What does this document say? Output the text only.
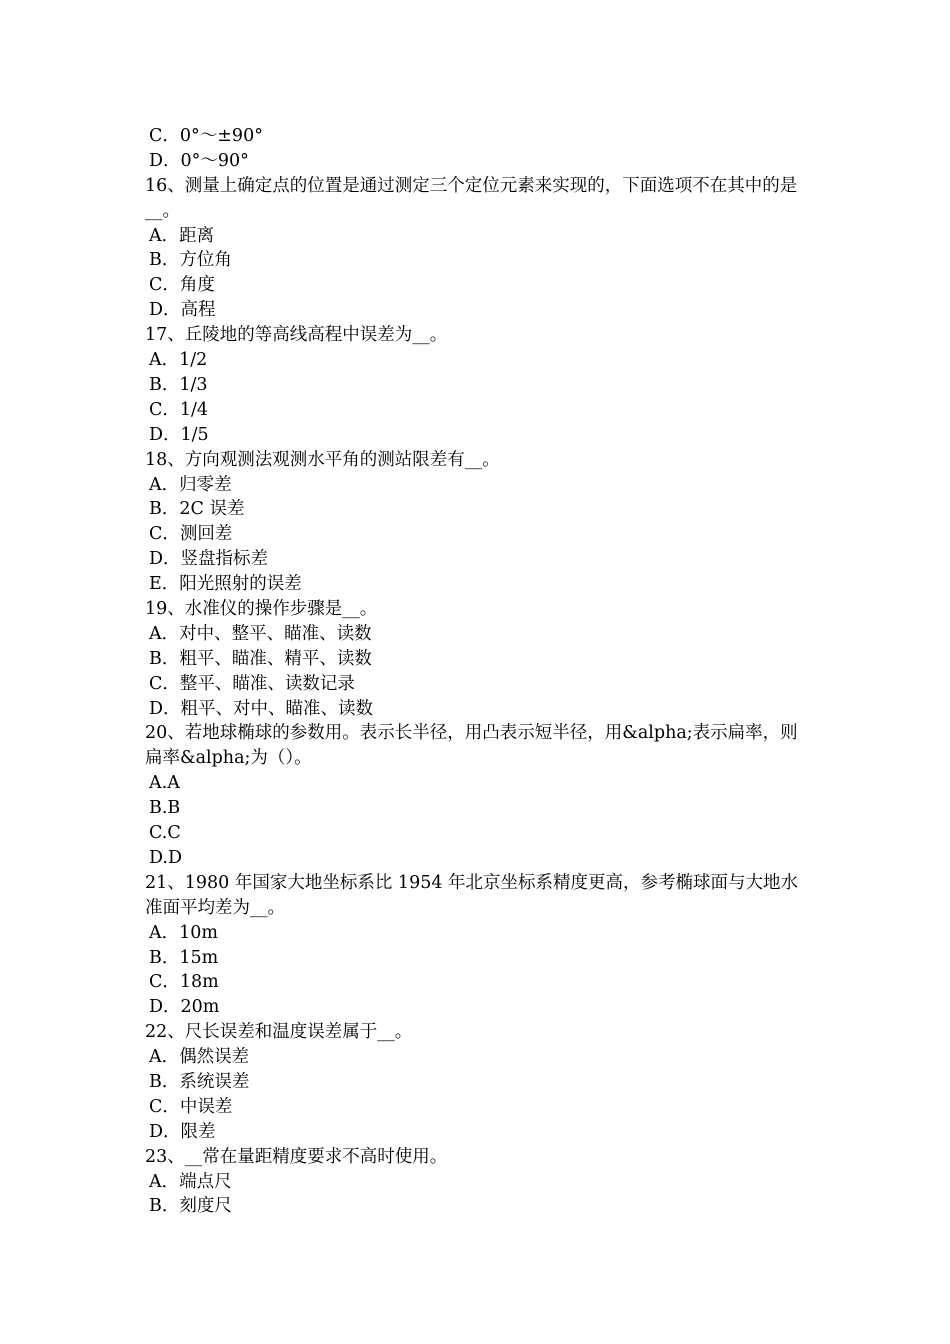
C．0°～±90°
D．0°～90°
16、测量上确定点的位置是通过测定三个定位元素来实现的，下面选项不在其中的是__。
A．距离
B．方位角
C．角度
D．高程
17、丘陵地的等高线高程中误差为__。
A．1/2
B．1/3
C．1/4
D．1/5
18、方向观测法观测水平角的测站限差有__。
A．归零差
B．2C 误差
C．测回差
D．竖盘指标差
E．阳光照射的误差
19、水准仪的操作步骤是__。
A．对中、整平、瞄准、读数
B．粗平、瞄准、精平、读数
C．整平、瞄准、读数记录
D．粗平、对中、瞄准、读数
20、若地球椭球的参数用。表示长半径，用凸表示短半径，用&alpha;表示扁率，则扁率&alpha;为（）。
A.A
B.B
C.C
D.D
21、1980 年国家大地坐标系比 1954 年北京坐标系精度更高，参考椭球面与大地水准面平均差为__。
A．10m
B．15m
C．18m
D．20m
22、尺长误差和温度误差属于__。
A．偶然误差
B．系统误差
C．中误差
D．限差
23、__常在量距精度要求不高时使用。
A．端点尺
B．刻度尺
